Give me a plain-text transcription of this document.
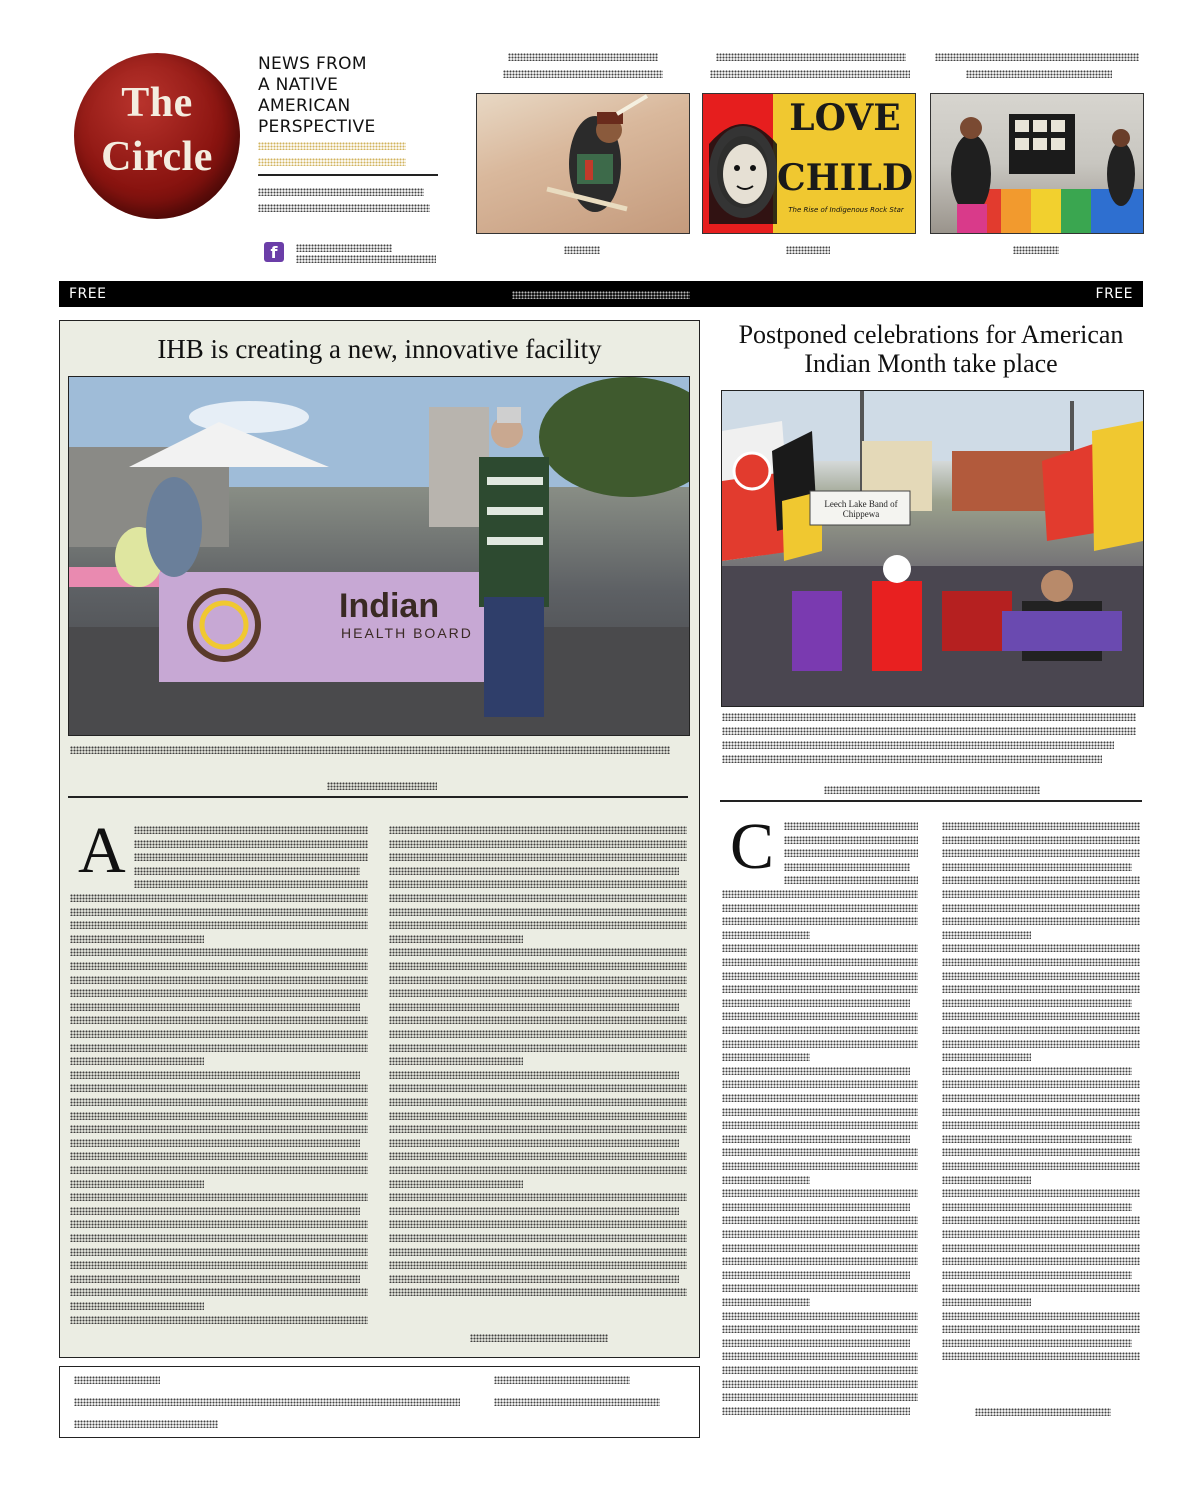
The
Circle
NEWS FROM
A NATIVE
AMERICAN
PERSPECTIVE
f
LOVE
CHILD
The Rise of Indigenous Rock Star
FREE	FREE
IHB is creating a new, innovative facility
Indian
HEALTH BOARD
A
Postponed celebrations for American Indian Month take place
Leech Lake Band of Chippewa
C
